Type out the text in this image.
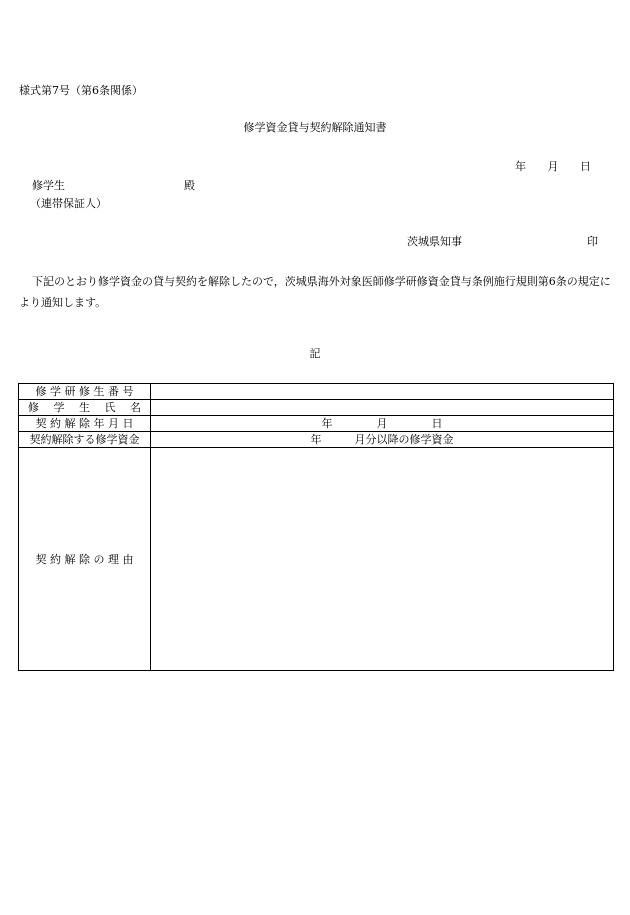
様式第7号（第6条関係）
修学資金貸与契約解除通知書
年 月 日
修学生	殿
（連帯保証人）
茨城県知事	印
下記のとおり修学資金の貸与契約を解除したので，茨城県海外対象医師修学研修資金貸与条例施行規則第6条の規定により通知します。
記
修 学 研 修 生 番 号	
修　 学　 生　 氏　 名	
契 約 解 除 年 月 日	年　　　　月　　　　日
契約解除する修学資金	年　　　月分以降の修学資金
契 約 解 除 の 理 由	
